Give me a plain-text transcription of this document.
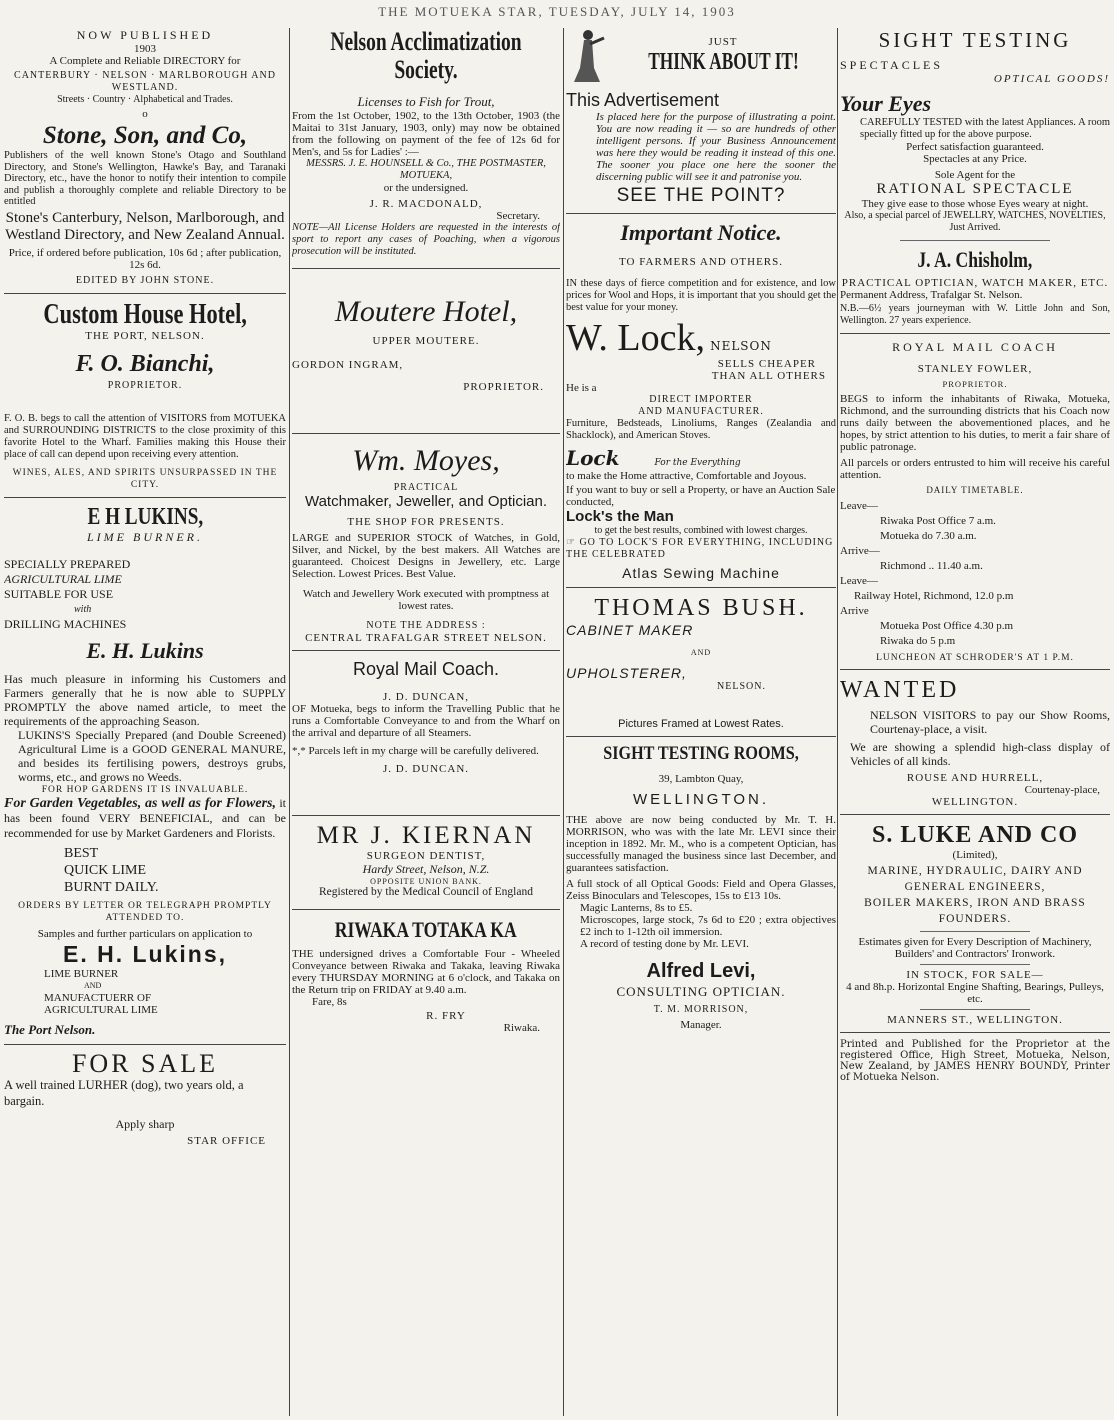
THE MOTUEKA STAR, TUESDAY, JULY 14, 1903

NOW PUBLISHED

1903

A Complete and Reliable DIRECTORY for

CANTERBURY · NELSON · MARLBOROUGH AND WESTLAND.

Streets · Country · Alphabetical and Trades.

o

Stone, Son, and Co,

Publishers of the well known Stone's Otago and Southland Directory, and Stone's Wellington, Hawke's Bay, and Taranaki Directory, etc., have the honor to notify their intention to compile and publish a thoroughly complete and reliable Directory to be entitled

Stone's Canterbury, Nelson, Marlborough, and Westland Directory, and New Zealand Annual.

Price, if ordered before publication, 10s 6d ; after publication, 12s 6d.

EDITED BY JOHN STONE.

Custom House Hotel,

THE PORT, NELSON.

F. O. Bianchi,

PROPRIETOR.

F. O. B. begs to call the attention of VISITORS from MOTUEKA and SURROUNDING DISTRICTS to the close proximity of this favorite Hotel to the Wharf. Families making this House their place of call can depend upon receiving every attention.

WINES, ALES, AND SPIRITS UNSURPASSED IN THE CITY.

E H LUKINS,

LIME BURNER.

SPECIALLY PREPARED

AGRICULTURAL LIME

SUITABLE FOR USE

with

DRILLING MACHINES

E. H. Lukins

Has much pleasure in informing his Customers and Farmers generally that he is now able to SUPPLY PROMPTLY the above named article, to meet the requirements of the approaching Season.

LUKINS'S Specially Prepared (and Double Screened) Agricultural Lime is a GOOD GENERAL MANURE, and besides its fertilising powers, destroys grubs, worms, etc., and grows no Weeds.

FOR HOP GARDENS IT IS INVALUABLE.

For Garden Vegetables, as well as for Flowers, it has been found VERY BENEFICIAL, and can be recommended for use by Market Gardeners and Florists.

BEST

QUICK LIME

BURNT DAILY.

ORDERS BY LETTER OR TELEGRAPH PROMPTLY ATTENDED TO.

Samples and further particulars on application to

E. H. Lukins,

LIME BURNER

AND

MANUFACTUERR OF

AGRICULTURAL LIME

The Port Nelson.

FOR SALE

A well trained LURHER (dog), two years old, a bargain.

Apply sharp

STAR OFFICE

Nelson Acclimatization Society.

Licenses to Fish for Trout,

From the 1st October, 1902, to the 13th October, 1903 (the Maitai to 31st January, 1903, only) may now be obtained from the following on payment of the fee of 12s 6d for Men's, and 5s for Ladies' :—

MESSRS. J. E. HOUNSELL & Co., THE POSTMASTER, MOTUEKA,

or the undersigned.

J. R. MACDONALD,

Secretary.

NOTE—All License Holders are requested in the interests of sport to report any cases of Poaching, when a vigorous prosecution will be instituted.

Moutere Hotel,

UPPER MOUTERE.

GORDON INGRAM,

PROPRIETOR.

Wm. Moyes,

PRACTICAL

Watchmaker, Jeweller, and Optician.

THE SHOP FOR PRESENTS.

LARGE and SUPERIOR STOCK of Watches, in Gold, Silver, and Nickel, by the best makers. All Watches are guaranteed. Choicest Designs in Jewellery, etc. Large Selection. Lowest Prices. Best Value.

Watch and Jewellery Work executed with promptness at lowest rates.

NOTE THE ADDRESS :

CENTRAL TRAFALGAR STREET NELSON.

Royal Mail Coach.

J. D. DUNCAN,

OF Motueka, begs to inform the Travelling Public that he runs a Comfortable Conveyance to and from the Wharf on the arrival and departure of all Steamers.

*,* Parcels left in my charge will be carefully delivered.

J. D. DUNCAN.

MR J. KIERNAN

SURGEON DENTIST,

Hardy Street, Nelson, N.Z.

OPPOSITE UNION BANK.

Registered by the Medical Council of England

RIWAKA TOTAKA KA

THE undersigned drives a Comfortable Four - Wheeled Conveyance between Riwaka and Takaka, leaving Riwaka every THURSDAY MORNING at 6 o'clock, and Takaka on the Return trip on FRIDAY at 9.40 a.m.

Fare, 8s

R. FRY

Riwaka.

JUST

THINK ABOUT IT!

This Advertisement

Is placed here for the purpose of illustrating a point. You are now reading it — so are hundreds of other intelligent persons. If your Business Announcement was here they would be reading it instead of this one. The sooner you place one here the sooner the discerning public will see it and patronise you.

SEE THE POINT?

Important Notice.

TO FARMERS AND OTHERS.

IN these days of fierce competition and for existence, and low prices for Wool and Hops, it is important that you should get the best value for your money.

W. Lock, NELSON

SELLS CHEAPER

THAN ALL OTHERS

He is a

DIRECT IMPORTER

AND MANUFACTURER.

Furniture, Bedsteads, Linoliums, Ranges (Zealandia and Shacklock), and American Stoves.

Lock	For the Everything

to make the Home attractive, Comfortable and Joyous.

If you want to buy or sell a Property, or have an Auction Sale conducted,

Lock's the Man

to get the best results, combined with lowest charges.

☞ GO TO LOCK'S FOR EVERYTHING, INCLUDING THE CELEBRATED

Atlas Sewing Machine

THOMAS BUSH.

CABINET MAKER

AND

UPHOLSTERER,

NELSON.

Pictures Framed at Lowest Rates.

SIGHT TESTING ROOMS,

39, Lambton Quay,

WELLINGTON.

THE above are now being conducted by Mr. T. H. MORRISON, who was with the late Mr. LEVI since their inception in 1892. Mr. M., who is a competent Optician, has successfully managed the business since last December, and guarantees satisfaction.

A full stock of all Optical Goods: Field and Opera Glasses, Zeiss Binoculars and Telescopes, 15s to £13 10s.

Magic Lanterns, 8s to £5.

Microscopes, large stock, 7s 6d to £20 ; extra objectives £2 inch to 1-12th oil immersion.

A record of testing done by Mr. LEVI.

Alfred Levi,

CONSULTING OPTICIAN.

T. M. MORRISON,

Manager.

SIGHT TESTING

SPECTACLES

OPTICAL GOODS!

Your Eyes

CAREFULLY TESTED with the latest Appliances. A room specially fitted up for the above purpose.

Perfect satisfaction guaranteed.

Spectacles at any Price.

Sole Agent for the

RATIONAL SPECTACLE

They give ease to those whose Eyes weary at night.

Also, a special parcel of JEWELLRY, WATCHES, NOVELTIES, Just Arrived.

J. A. Chisholm,

PRACTICAL OPTICIAN, WATCH MAKER, ETC.

Permanent Address, Trafalgar St. Nelson.

N.B.—6½ years journeyman with W. Little John and Son, Wellington. 27 years experience.

ROYAL MAIL COACH

STANLEY FOWLER,

PROPRIETOR.

BEGS to inform the inhabitants of Riwaka, Motueka, Richmond, and the surrounding districts that his Coach now runs daily between the abovementioned places, and he hopes, by strict attention to his duties, to merit a fair share of public patronage.

All parcels or orders entrusted to him will receive his careful attention.

DAILY TIMETABLE.

Leave—

Riwaka Post Office 7 a.m.

Motueka do 7.30 a.m.

Arrive—

Richmond .. 11.40 a.m.

Leave—

Railway Hotel, Richmond, 12.0 p.m

Arrive

Motueka Post Office 4.30 p.m

Riwaka do 5 p.m

LUNCHEON AT SCHRODER'S AT 1 P.M.

WANTED

NELSON VISITORS to pay our Show Rooms, Courtenay-place, a visit.

We are showing a splendid high-class display of Vehicles of all kinds.

ROUSE AND HURRELL,

Courtenay-place,

WELLINGTON.

S. LUKE AND CO

(Limited),

MARINE, HYDRAULIC, DAIRY AND GENERAL ENGINEERS,

BOILER MAKERS, IRON AND BRASS FOUNDERS.

Estimates given for Every Description of Machinery,

Builders' and Contractors' Ironwork.

IN STOCK, FOR SALE—

4 and 8h.p. Horizontal Engine Shafting, Bearings, Pulleys, etc.

MANNERS ST., WELLINGTON.

Printed and Published for the Proprietor at the registered Office, High Street, Motueka, Nelson, New Zealand, by JAMES HENRY BOUNDY, Printer of Motueka Nelson.
